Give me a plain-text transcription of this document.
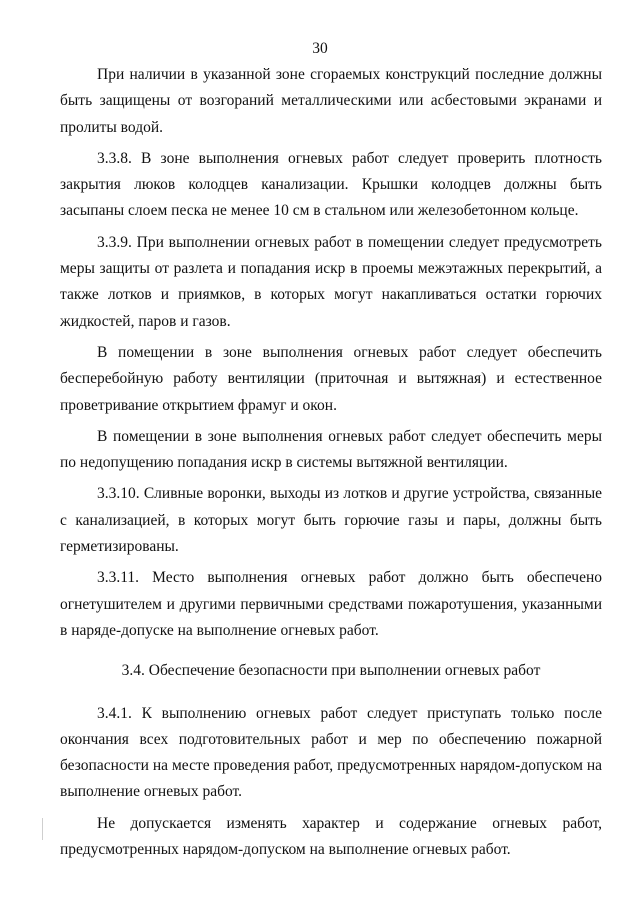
30

При наличии в указанной зоне сгораемых конструкций последние должны быть защищены от возгораний металлическими или асбестовыми экранами и пролиты водой.

3.3.8. В зоне выполнения огневых работ следует проверить плотность закрытия люков колодцев канализации. Крышки колодцев должны быть засыпаны слоем песка не менее 10 см в стальном или железобетонном кольце.

3.3.9. При выполнении огневых работ в помещении следует предусмотреть меры защиты от разлета и попадания искр в проемы межэтажных перекрытий, а также лотков и приямков, в которых могут накапливаться остатки горючих жидкостей, паров и газов.

В помещении в зоне выполнения огневых работ следует обеспечить бесперебойную работу вентиляции (приточная и вытяжная) и естественное проветривание открытием фрамуг и окон.

В помещении в зоне выполнения огневых работ следует обеспечить меры по недопущению попадания искр в системы вытяжной вентиляции.

3.3.10. Сливные воронки, выходы из лотков и другие устройства, связанные с канализацией, в которых могут быть горючие газы и пары, должны быть герметизированы.

3.3.11. Место выполнения огневых работ должно быть обеспечено огнетушителем и другими первичными средствами пожаротушения, указанными в наряде-допуске на выполнение огневых работ.

3.4. Обеспечение безопасности при выполнении огневых работ

3.4.1. К выполнению огневых работ следует приступать только после окончания всех подготовительных работ и мер по обеспечению пожарной безопасности на месте проведения работ, предусмотренных нарядом-допуском на выполнение огневых работ.

Не допускается изменять характер и содержание огневых работ, предусмотренных нарядом-допуском на выполнение огневых работ.
